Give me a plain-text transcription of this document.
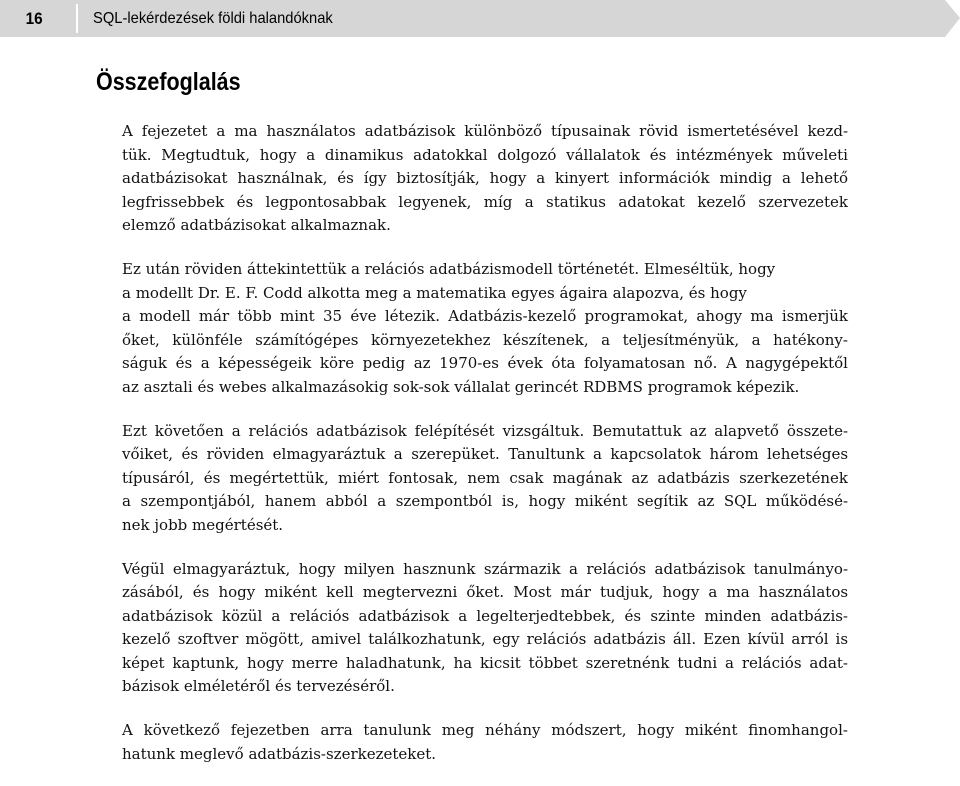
16	SQL-lekérdezések földi halandóknak
Összefoglalás

A fejezetet a ma használatos adatbázisok különböző típusainak rövid ismertetésével kezd-
tük. Megtudtuk, hogy a dinamikus adatokkal dolgozó vállalatok és intézmények műveleti
adatbázisokat használnak, és így biztosítják, hogy a kinyert információk mindig a lehető
legfrissebbek és legpontosabbak legyenek, míg a statikus adatokat kezelő szervezetek
elemző adatbázisokat alkalmaznak.

Ez után röviden áttekintettük a relációs adatbázismodell történetét. Elmeséltük, hogy
a modellt Dr. E. F. Codd alkotta meg a matematika egyes ágaira alapozva, és hogy
a modell már több mint 35 éve létezik. Adatbázis-kezelő programokat, ahogy ma ismerjük
őket, különféle számítógépes környezetekhez készítenek, a teljesítményük, a hatékony-
ságuk és a képességeik köre pedig az 1970-es évek óta folyamatosan nő. A nagygépektől
az asztali és webes alkalmazásokig sok-sok vállalat gerincét RDBMS programok képezik.

Ezt követően a relációs adatbázisok felépítését vizsgáltuk. Bemutattuk az alapvető összete-
vőiket, és röviden elmagyaráztuk a szerepüket. Tanultunk a kapcsolatok három lehetséges
típusáról, és megértettük, miért fontosak, nem csak magának az adatbázis szerkezetének
a szempontjából, hanem abból a szempontból is, hogy miként segítik az SQL működésé-
nek jobb megértését.

Végül elmagyaráztuk, hogy milyen hasznunk származik a relációs adatbázisok tanulmányo-
zásából, és hogy miként kell megtervezni őket. Most már tudjuk, hogy a ma használatos
adatbázisok közül a relációs adatbázisok a legelterjedtebbek, és szinte minden adatbázis-
kezelő szoftver mögött, amivel találkozhatunk, egy relációs adatbázis áll. Ezen kívül arról is
képet kaptunk, hogy merre haladhatunk, ha kicsit többet szeretnénk tudni a relációs adat-
bázisok elméletéről és tervezéséről.

A következő fejezetben arra tanulunk meg néhány módszert, hogy miként finomhangol-
hatunk meglevő adatbázis-szerkezeteket.
